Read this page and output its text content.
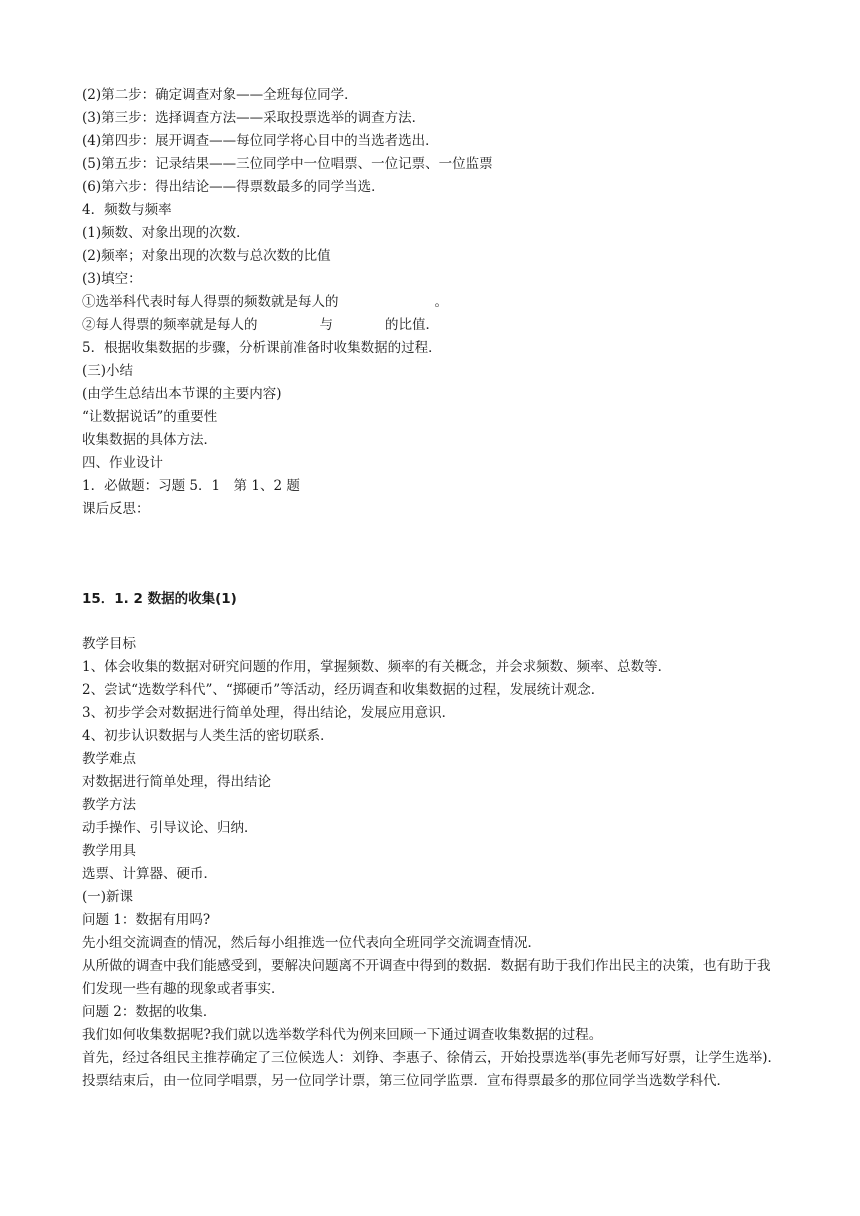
(2)第二步：确定调查对象——全班每位同学．
(3)第三步：选择调查方法——采取投票选举的调查方法．
(4)第四步：展开调查——每位同学将心目中的当选者选出．
(5)第五步：记录结果——三位同学中一位唱票、一位记票、一位监票
(6)第六步：得出结论——得票数最多的同学当选．
4．频数与频率
(1)频数、对象出现的次数．
(2)频率；对象出现的次数与总次数的比值
(3)填空：
①选举科代表时每人得票的频数就是每人的	。
②每人得票的频率就是每人的	与	的比值．
5．根据收集数据的步骤，分析课前准备时收集数据的过程．
(三)小结
(由学生总结出本节课的主要内容)
“让数据说话”的重要性
收集数据的具体方法．
四、作业设计
1．必做题：习题 5．1　第 1、2 题
课后反思：
15．1. 2 数据的收集(1)
教学目标
1、体会收集的数据对研究问题的作用，掌握频数、频率的有关概念，并会求频数、频率、总数等．
2、尝试“选数学科代”、“掷硬币”等活动，经历调查和收集数据的过程，发展统计观念．
3、初步学会对数据进行简单处理，得出结论，发展应用意识．
4、初步认识数据与人类生活的密切联系．
教学难点
对数据进行简单处理，得出结论
教学方法
动手操作、引导议论、归纳．
教学用具
选票、计算器、硬币．
(一)新课
问题 1：数据有用吗?
先小组交流调查的情况，然后每小组推选一位代表向全班同学交流调查情况．
从所做的调查中我们能感受到，要解决问题离不开调查中得到的数据．数据有助于我们作出民主的决策，也有助于我们发现一些有趣的现象或者事实．
问题 2：数据的收集．
我们如何收集数据呢?我们就以选举数学科代为例来回顾一下通过调查收集数据的过程。
首先，经过各组民主推荐确定了三位候选人：刘铮、李惠子、徐倩云，开始投票选举(事先老师写好票，让学生选举)．投票结束后，由一位同学唱票，另一位同学计票，第三位同学监票．宣布得票最多的那位同学当选数学科代．
